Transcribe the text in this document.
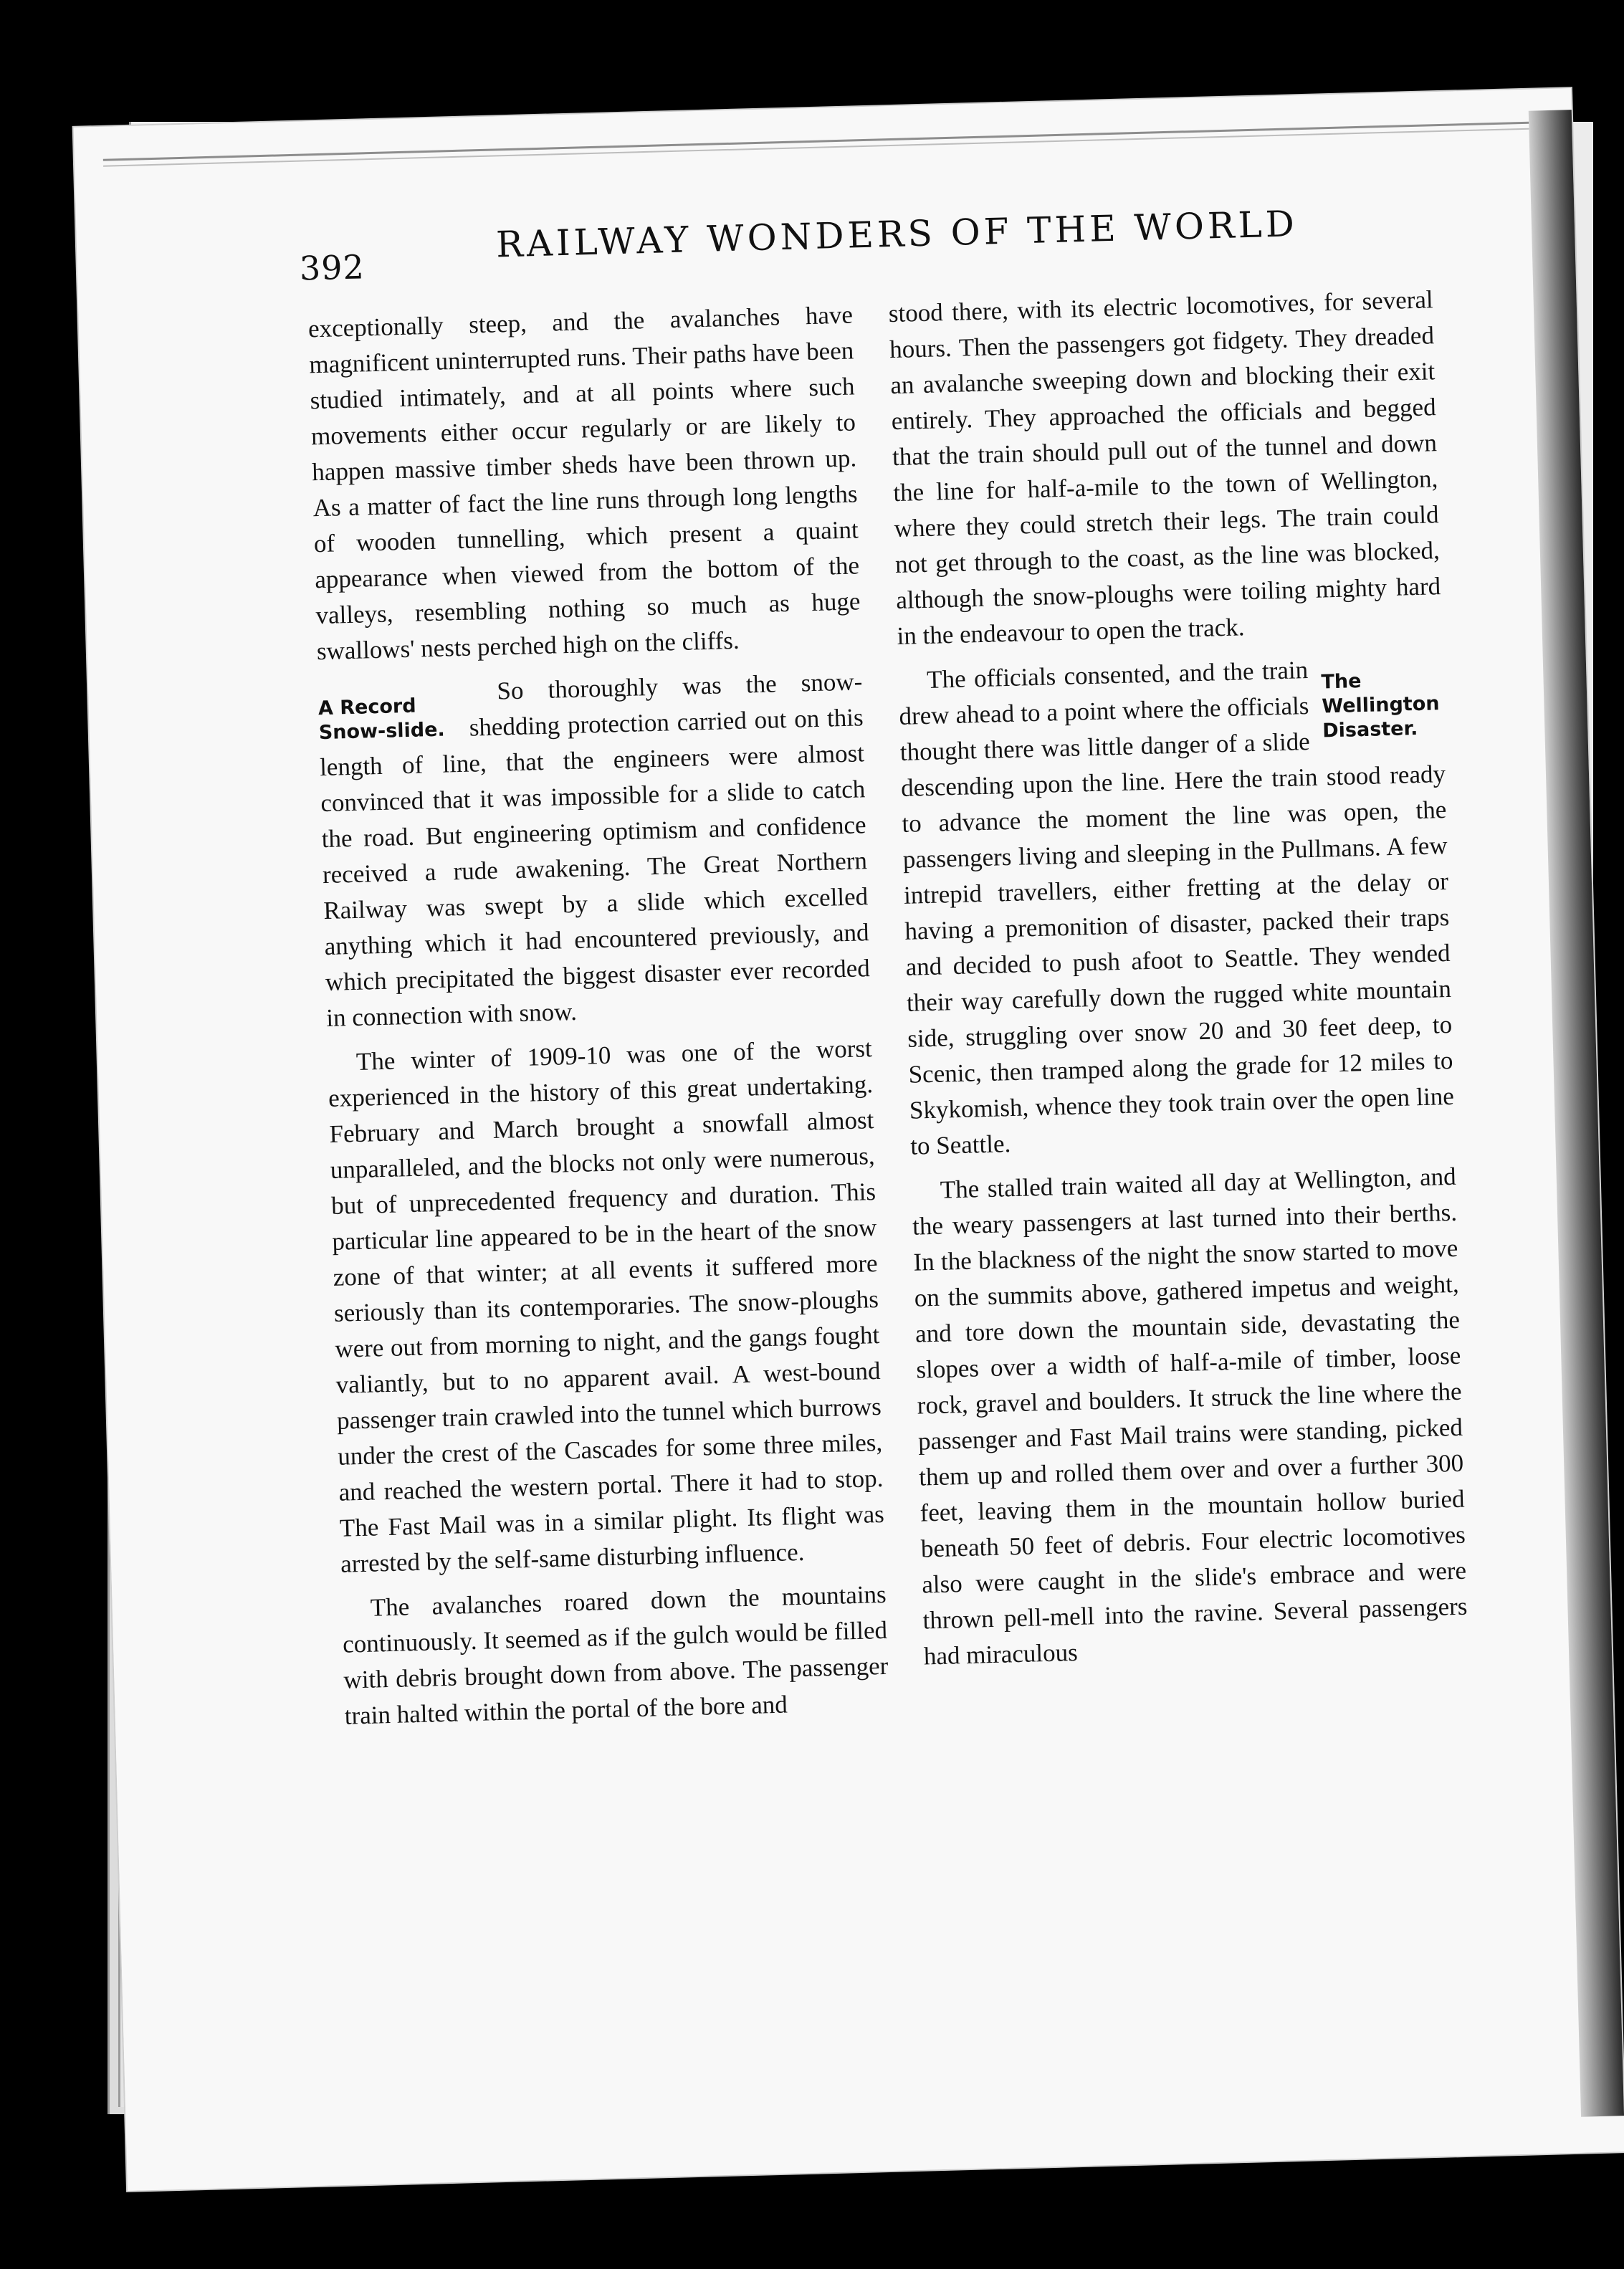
392
RAILWAY WONDERS OF THE WORLD

exceptionally steep, and the avalanches have magnificent uninterrupted runs. Their paths have been studied intimately, and at all points where such movements either occur regularly or are likely to happen massive timber sheds have been thrown up. As a matter of fact the line runs through long lengths of wooden tunnelling, which present a quaint appearance when viewed from the bottom of the valleys, resembling nothing so much as huge swallows' nests perched high on the cliffs.

A Record Snow-slide.

So thoroughly was the snow-shedding protection carried out on this length of line, that the engineers were almost convinced that it was impossible for a slide to catch the road. But engineering optimism and confidence received a rude awakening. The Great Northern Railway was swept by a slide which excelled anything which it had encountered previously, and which precipitated the biggest disaster ever recorded in connection with snow.

The winter of 1909-10 was one of the worst experienced in the history of this great undertaking. February and March brought a snowfall almost unparalleled, and the blocks not only were numerous, but of unprecedented frequency and duration. This particular line appeared to be in the heart of the snow zone of that winter; at all events it suffered more seriously than its contemporaries. The snow-ploughs were out from morning to night, and the gangs fought valiantly, but to no apparent avail. A west-bound passenger train crawled into the tunnel which burrows under the crest of the Cascades for some three miles, and reached the western portal. There it had to stop. The Fast Mail was in a similar plight. Its flight was arrested by the self-same disturbing influence.

The avalanches roared down the mountains continuously. It seemed as if the gulch would be filled with debris brought down from above. The passenger train halted within the portal of the bore and

stood there, with its electric locomotives, for several hours. Then the passengers got fidgety. They dreaded an avalanche sweeping down and blocking their exit entirely. They approached the officials and begged that the train should pull out of the tunnel and down the line for half-a-mile to the town of Wellington, where they could stretch their legs. The train could not get through to the coast, as the line was blocked, although the snow-ploughs were toiling mighty hard in the endeavour to open the track.

The Wellington Disaster.

The officials consented, and the train drew ahead to a point where the officials thought there was little danger of a slide descending upon the line. Here the train stood ready to advance the moment the line was open, the passengers living and sleeping in the Pullmans. A few intrepid travellers, either fretting at the delay or having a premonition of disaster, packed their traps and decided to push afoot to Seattle. They wended their way carefully down the rugged white mountain side, struggling over snow 20 and 30 feet deep, to Scenic, then tramped along the grade for 12 miles to Skykomish, whence they took train over the open line to Seattle.

The stalled train waited all day at Wellington, and the weary passengers at last turned into their berths. In the blackness of the night the snow started to move on the summits above, gathered impetus and weight, and tore down the mountain side, devastating the slopes over a width of half-a-mile of timber, loose rock, gravel and boulders. It struck the line where the passenger and Fast Mail trains were standing, picked them up and rolled them over and over a further 300 feet, leaving them in the mountain hollow buried beneath 50 feet of debris. Four electric locomotives also were caught in the slide's embrace and were thrown pell-mell into the ravine. Several passengers had miraculous
